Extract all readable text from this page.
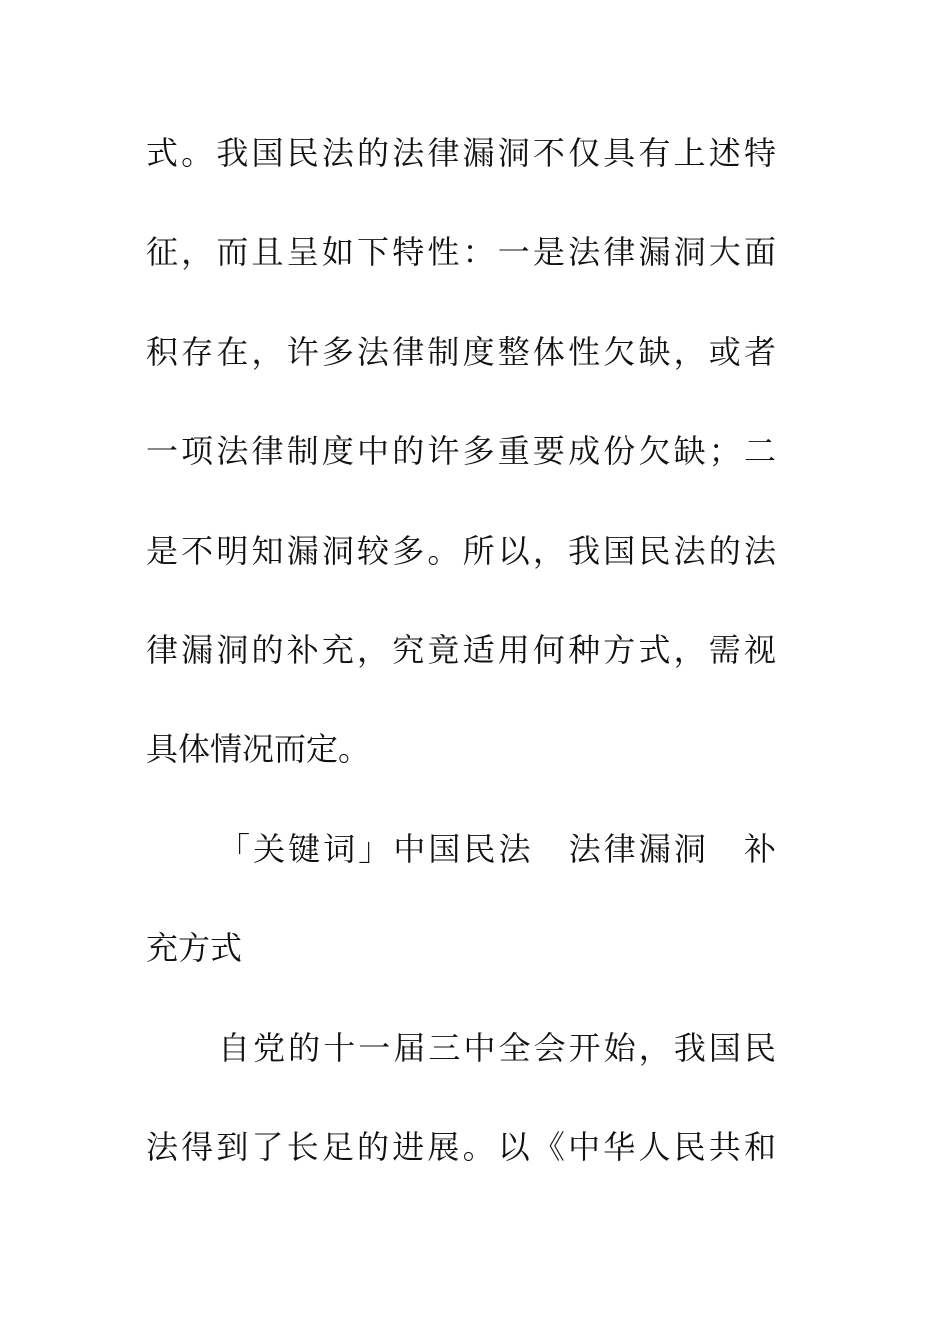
式。我国民法的法律漏洞不仅具有上述特
征，而且呈如下特性：一是法律漏洞大面
积存在，许多法律制度整体性欠缺，或者
一项法律制度中的许多重要成份欠缺；二
是不明知漏洞较多。所以，我国民法的法
律漏洞的补充，究竟适用何种方式，需视
具体情况而定。
「关键词」中国民法　法律漏洞　补
充方式
自党的十一届三中全会开始，我国民
法得到了长足的进展。以《中华人民共和
